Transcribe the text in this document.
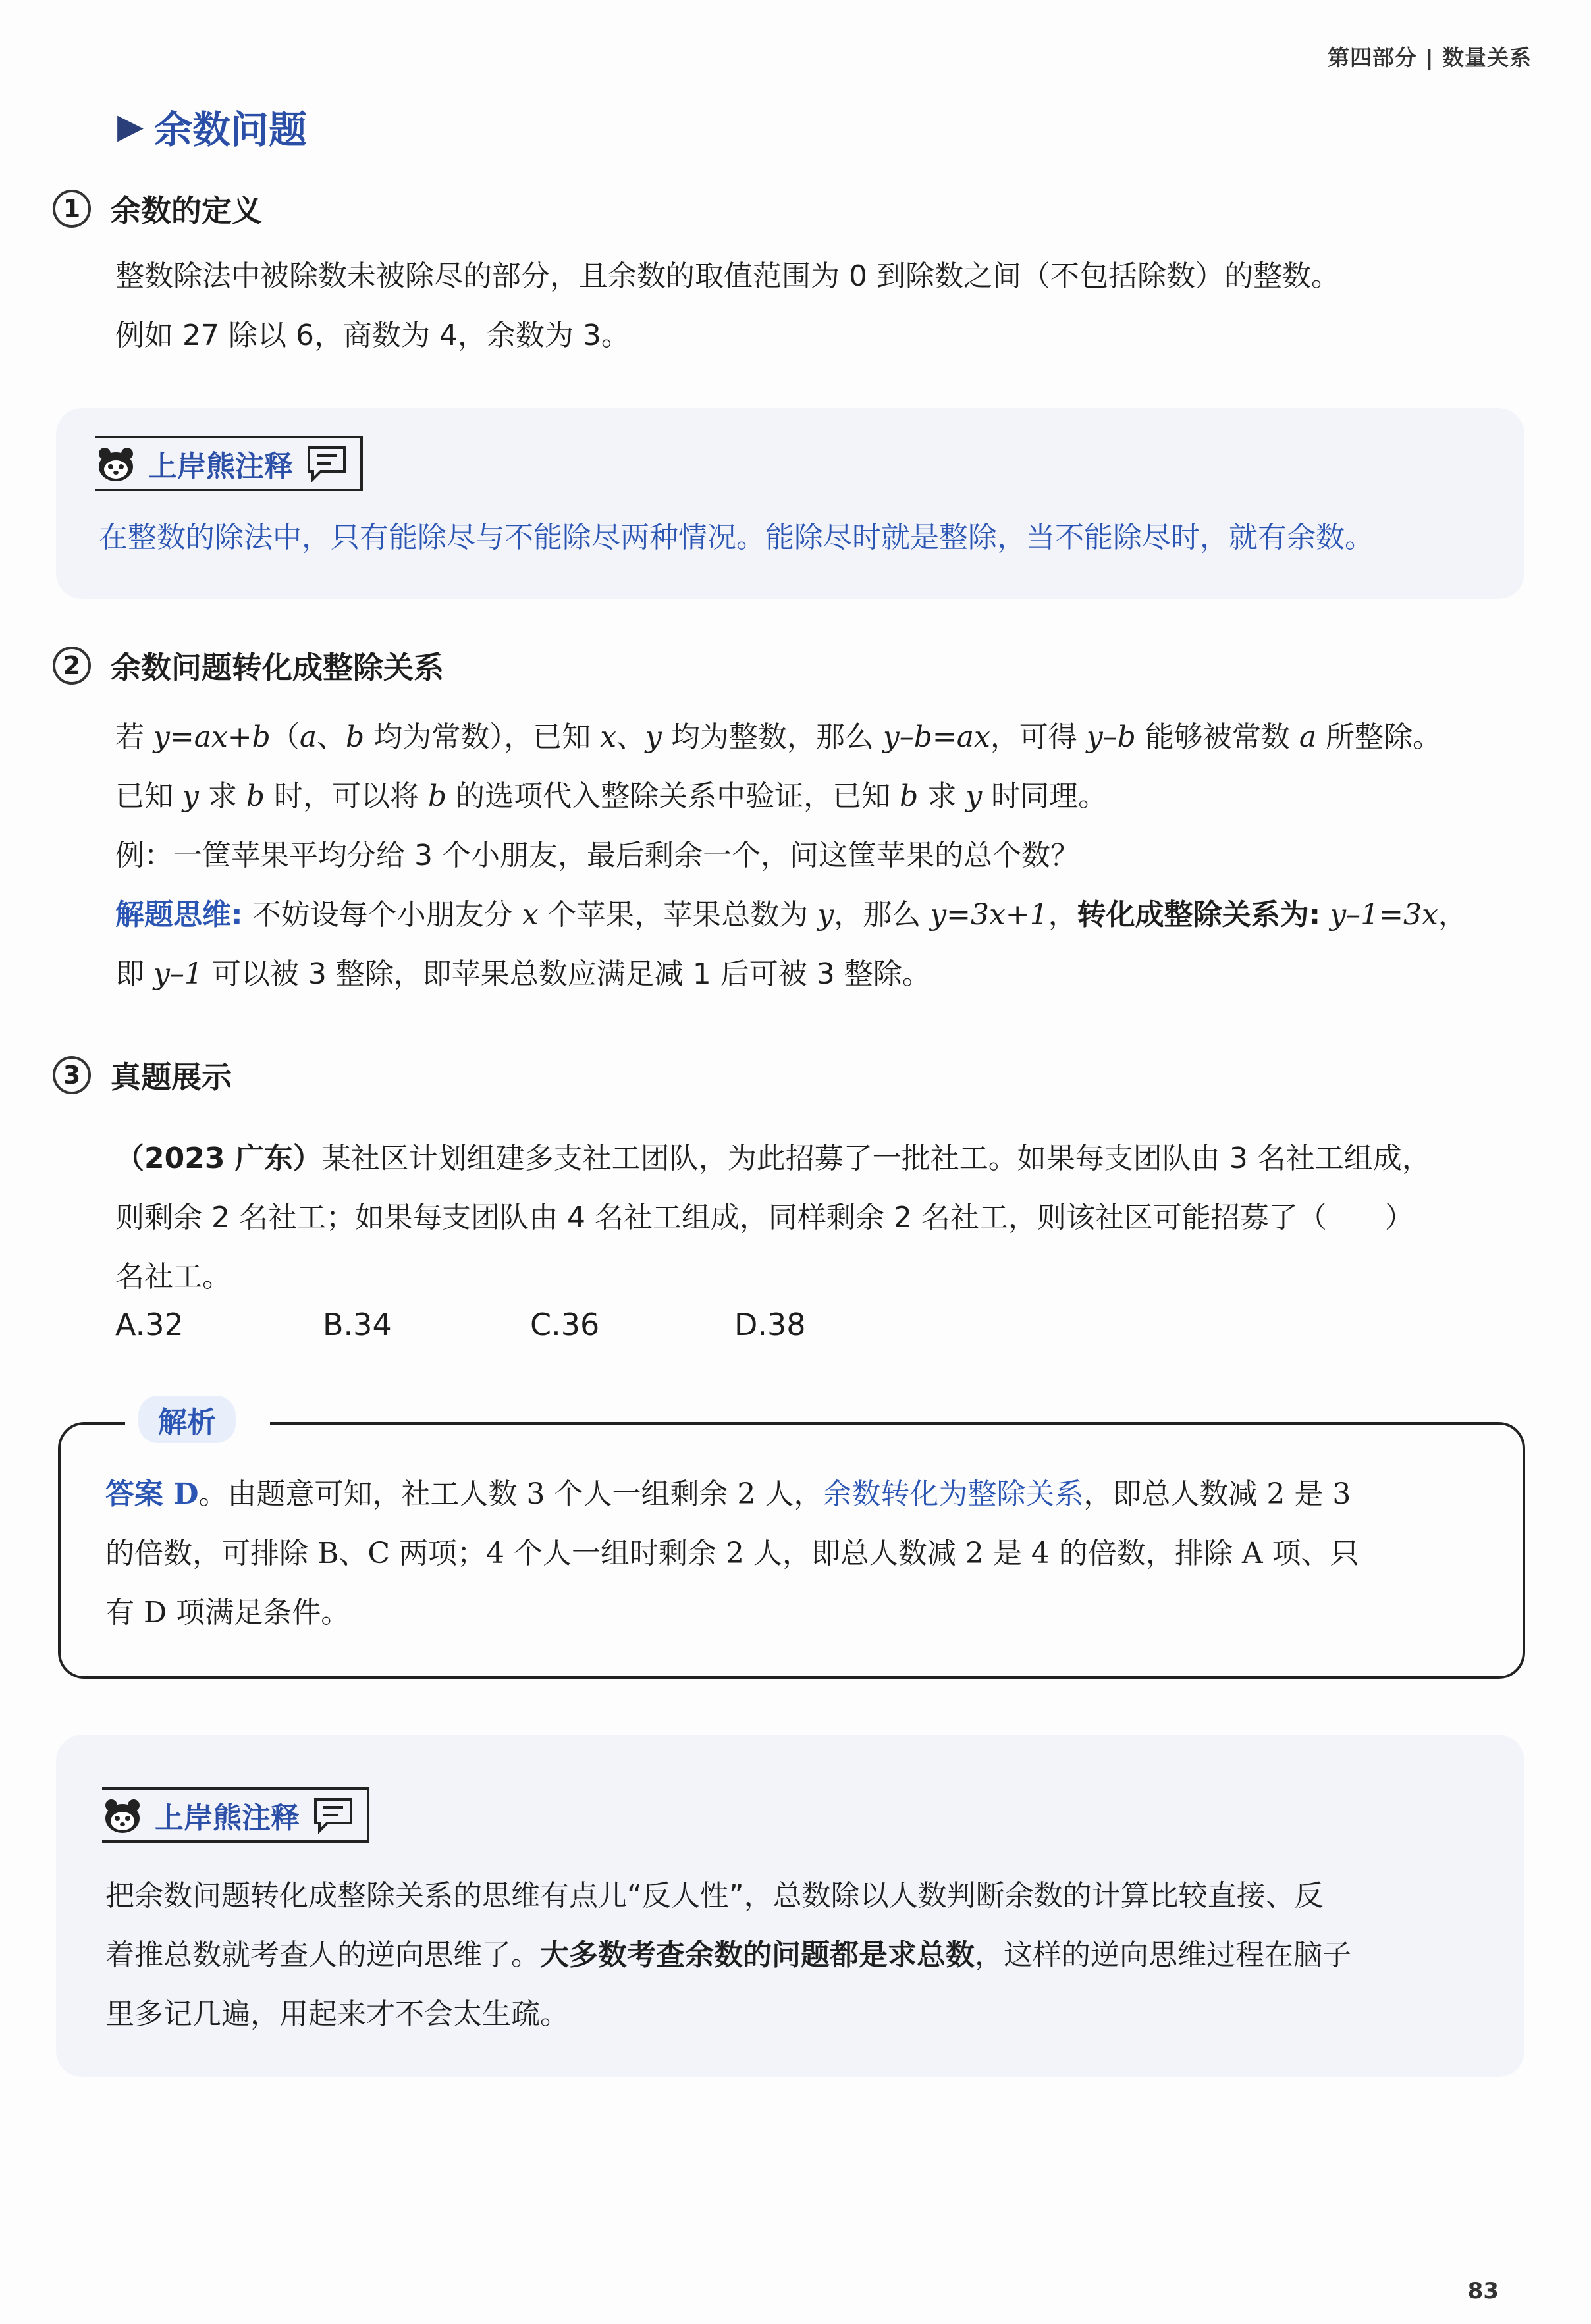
第四部分 | 数量关系
▶ 余数问题
1 余数的定义

整数除法中被除数未被除尽的部分，且余数的取值范围为 0 到除数之间（不包括除数）的整数。

例如 27 除以 6，商数为 4，余数为 3。

上岸熊注释
在整数的除法中，只有能除尽与不能除尽两种情况。能除尽时就是整除，当不能除尽时，就有余数。
2 余数问题转化成整除关系

若 y=ax+b（a、b 均为常数），已知 x、y 均为整数，那么 y–b=ax，可得 y–b 能够被常数 a 所整除。

已知 y 求 b 时，可以将 b 的选项代入整除关系中验证，已知 b 求 y 时同理。

例：一筐苹果平均分给 3 个小朋友，最后剩余一个，问这筐苹果的总个数？

解题思维: 不妨设每个小朋友分 x 个苹果，苹果总数为 y，那么 y=3x+1，转化成整除关系为: y–1=3x，

即 y–1 可以被 3 整除，即苹果总数应满足减 1 后可被 3 整除。

3 真题展示

（2023 广东）某社区计划组建多支社工团队，为此招募了一批社工。如果每支团队由 3 名社工组成，

则剩余 2 名社工；如果每支团队由 4 名社工组成，同样剩余 2 名社工，则该社区可能招募了（　　）

名社工。

A.32	B.34	C.36	D.38
解析

答案 D。由题意可知，社工人数 3 个人一组剩余 2 人，余数转化为整除关系，即总人数减 2 是 3

的倍数，可排除 B、C 两项；4 个人一组时剩余 2 人，即总人数减 2 是 4 的倍数，排除 A 项、只

有 D 项满足条件。

上岸熊注释
把余数问题转化成整除关系的思维有点儿“反人性”，总数除以人数判断余数的计算比较直接、反
着推总数就考查人的逆向思维了。大多数考查余数的问题都是求总数，这样的逆向思维过程在脑子
里多记几遍，用起来才不会太生疏。
83
